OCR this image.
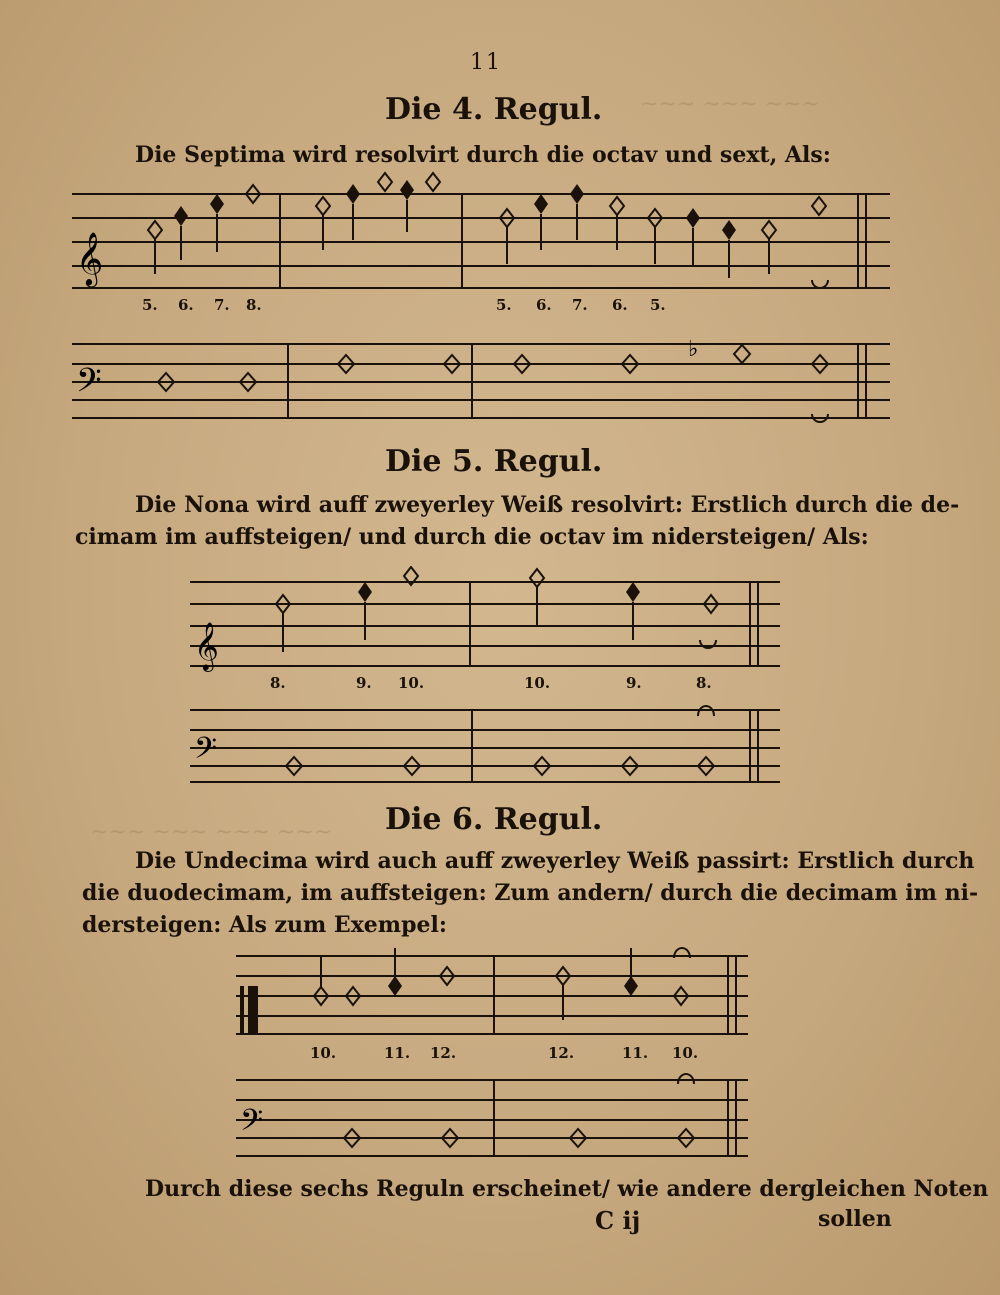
~~~ ~~~ ~~~
~~~ ~~~ ~~~ ~~~
11
Die 4. Regul.
Die Septima wird resolvirt durch die octav und sext, Als:
𝄞
5. 6. 7. 8.	5. 6. 7. 6. 5.
𝄢
♭
Die 5. Regul.
Die Nona wird auff zweyerley Weiß resolvirt: Erstlich durch die de-
cimam im auffsteigen/ und durch die octav im nidersteigen/ Als:
𝄞
8.	9. 10.	10.	9.	8.
𝄢
Die 6. Regul.
Die Undecima wird auch auff zweyerley Weiß passirt: Erstlich durch
die duodecimam, im auffsteigen: Zum andern/ durch die decimam im ni-
dersteigen: Als zum Exempel:
10.	11. 12.	12.	11. 10.
𝄢
Durch diese sechs Reguln erscheinet/ wie andere dergleichen Noten
C ij	sollen
